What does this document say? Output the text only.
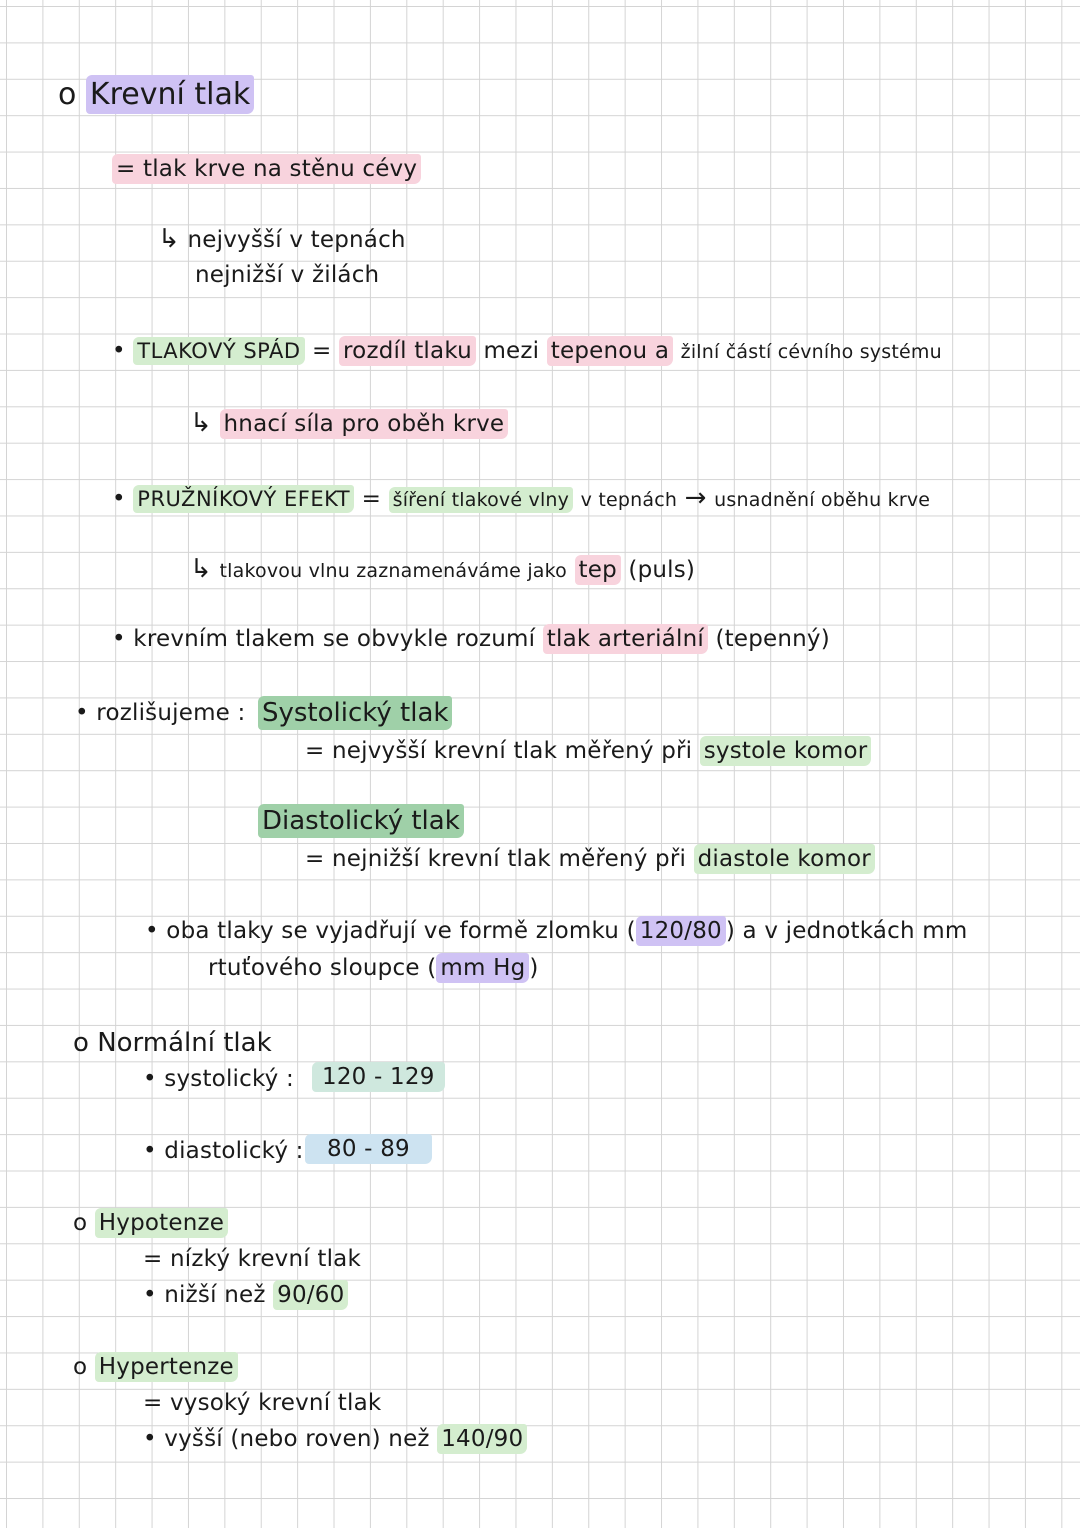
o Krevní tlak
= tlak krve na stěnu cévy
↳ nejvyšší v tepnách
nejnižší v žilách
• TLAKOVÝ SPÁD = rozdíl tlaku mezi tepenou a žilní částí cévního systému
↳ hnací síla pro oběh krve
• PRUŽNÍKOVÝ EFEKT = šíření tlakové vlny v tepnách → usnadnění oběhu krve
↳ tlakovou vlnu zaznamenáváme jako tep (puls)
• krevním tlakem se obvykle rozumí tlak arteriální (tepenný)
• rozlišujeme : Systolický tlak
= nejvyšší krevní tlak měřený při systole komor
Diastolický tlak
= nejnižší krevní tlak měřený při diastole komor
• oba tlaky se vyjadřují ve formě zlomku ( 120/80 ) a v jednotkách mm
rtuťového sloupce ( mm Hg )
o Normální tlak
• systolický :	120 - 129
• diastolický :	80 - 89
o Hypotenze
= nízký krevní tlak
• nižší než 90/60
o Hypertenze
= vysoký krevní tlak
• vyšší (nebo roven) než 140/90
